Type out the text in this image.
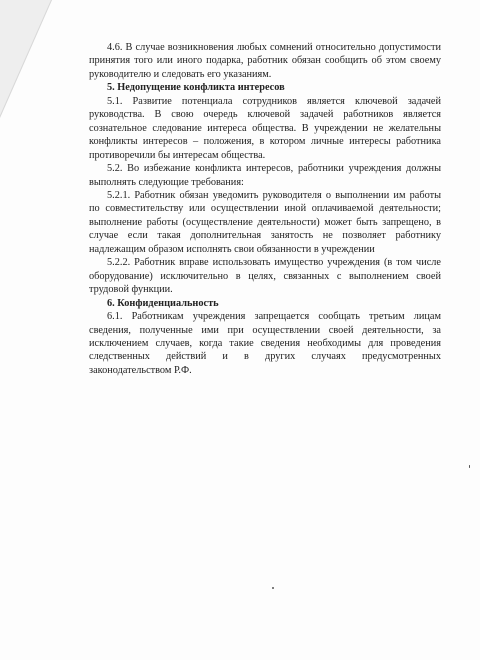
4.6. В случае возникновения любых сомнений относительно допустимости принятия того или иного подарка, работник обязан сообщить об этом своему руководителю и следовать его указаниям.

5. Недопущение конфликта интересов

5.1. Развитие потенциала сотрудников является ключевой задачей руководства. В свою очередь ключевой задачей работников является сознательное следование интереса общества. В учреждении не желательны конфликты интересов – положения, в котором личные интересы работника противоречили бы интересам общества.

5.2. Во избежание конфликта интересов, работники учреждения должны выполнять следующие требования:

5.2.1. Работник обязан уведомить руководителя о выполнении им работы по совместительству или осуществлении иной оплачиваемой деятельности; выполнение работы (осуществление деятельности) может быть запрещено, в случае если такая дополнительная занятость не позволяет работнику надлежащим образом исполнять свои обязанности в учреждении

5.2.2. Работник вправе использовать имущество учреждения (в том числе оборудование) исключительно в целях, связанных с выполнением своей трудовой функции.

6. Конфиденциальность

6.1. Работникам учреждения запрещается сообщать третьим лицам сведения, полученные ими при осуществлении своей деятельности, за исключением случаев, когда такие сведения необходимы для проведения следственных действий и в других случаях предусмотренных законодательством Р.Ф.
